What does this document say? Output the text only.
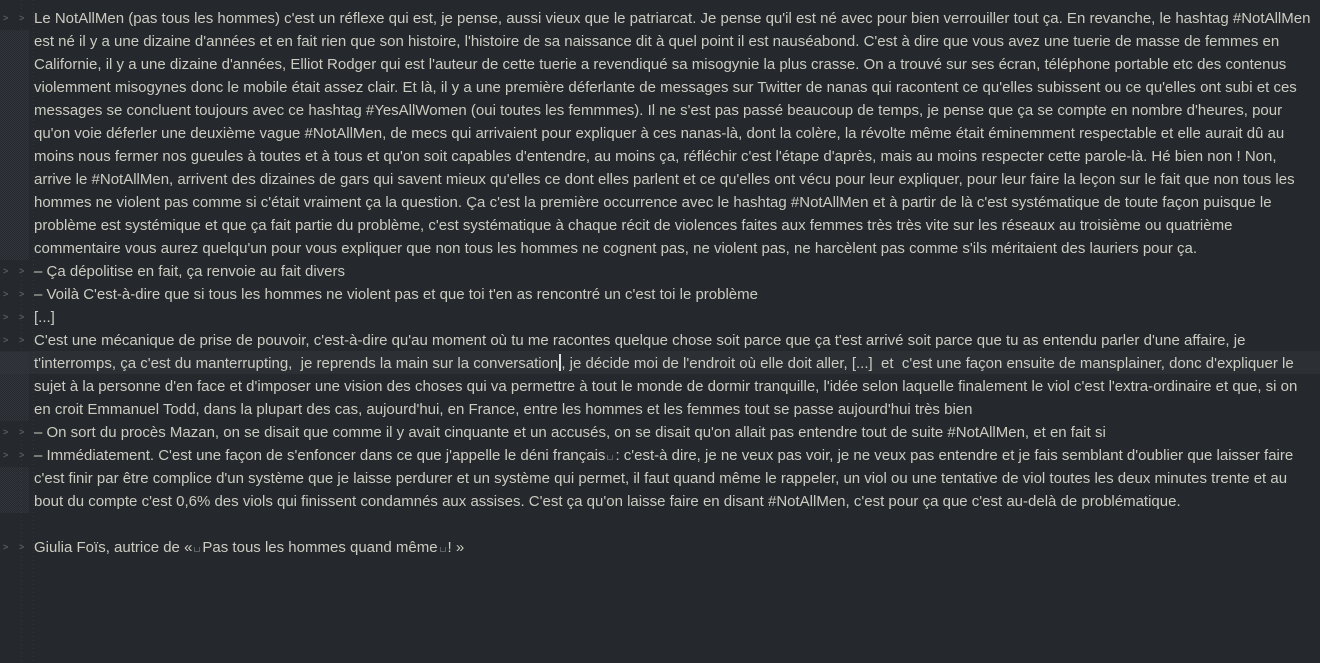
> > Le NotAllMen (pas tous les hommes) c'est un réflexe qui est, je pense, aussi vieux que le patriarcat. Je pense qu'il est né avec pour bien verrouiller tout ça. En revanche, le hashtag #NotAllMen est né il y a une dizaine d'années et en fait rien que son histoire, l'histoire de sa naissance dit à quel point il est nauséabond. C'est à dire que vous avez une tuerie de masse de femmes en Californie, il y a une dizaine d'années, Elliot Rodger qui est l'auteur de cette tuerie a revendiqué sa misogynie la plus crasse. On a trouvé sur ses écran, téléphone portable etc des contenus violemment misogynes donc le mobile était assez clair. Et là, il y a une première déferlante de messages sur Twitter de nanas qui racontent ce qu'elles subissent ou ce qu'elles ont subi et ces messages se concluent toujours avec ce hashtag #YesAllWomen (oui toutes les femmmes). Il ne s'est pas passé beaucoup de temps, je pense que ça se compte en nombre d'heures, pour qu'on voie déferler une deuxième vague #NotAllMen, de mecs qui arrivaient pour expliquer à ces nanas-là, dont la colère, la révolte même était éminemment respectable et elle aurait dû au moins nous fermer nos gueules à toutes et à tous et qu'on soit capables d'entendre, au moins ça, réfléchir c'est l'étape d'après, mais au moins respecter cette parole-là. Hé bien non ! Non, arrive le #NotAllMen, arrivent des dizaines de gars qui savent mieux qu'elles ce dont elles parlent et ce qu'elles ont vécu pour leur expliquer, pour leur faire la leçon sur le fait que non tous les hommes ne violent pas comme si c'était vraiment ça la question. Ça c'est la première occurrence avec le hashtag #NotAllMen et à partir de là c'est systématique de toute façon puisque le problème est systémique et que ça fait partie du problème, c'est systématique à chaque récit de violences faites aux femmes très très vite sur les réseaux au troisième ou quatrième commentaire vous aurez quelqu'un pour vous expliquer que non tous les hommes ne cognent pas, ne violent pas, ne harcèlent pas comme s'ils méritaient des lauriers pour ça.
> > – Ça dépolitise en fait, ça renvoie au fait divers
> > – Voilà C'est-à-dire que si tous les hommes ne violent pas et que toi t'en as rencontré un c'est toi le problème
> > [...]
> > C'est une mécanique de prise de pouvoir, c'est-à-dire qu'au moment où tu me racontes quelque chose soit parce que ça t'est arrivé soit parce que tu as entendu parler d'une affaire, je t'interromps, ça c'est du manterrupting,  je reprends la main sur la conversation , je décide moi de l'endroit où elle doit aller, [...]  et  c'est une façon ensuite de mansplainer, donc d'expliquer le sujet à la personne d'en face et d'imposer une vision des choses qui va permettre à tout le monde de dormir tranquille, l'idée selon laquelle finalement le viol c'est l'extra-ordinaire et que, si on en croit Emmanuel Todd, dans la plupart des cas, aujourd'hui, en France, entre les hommes et les femmes tout se passe aujourd'hui très bien
> > – On sort du procès Mazan, on se disait que comme il y avait cinquante et un accusés, on se disait qu'on allait pas entendre tout de suite #NotAllMen, et en fait si
> > – Immédiatement. C'est une façon de s'enfoncer dans ce que j'appelle le déni français : c'est-à dire, je ne veux pas voir, je ne veux pas entendre et je fais semblant d'oublier que laisser faire c'est finir par être complice d'un système que je laisse perdurer et un système qui permet, il faut quand même le rappeler, un viol ou une tentative de viol toutes les deux minutes trente et au bout du compte c'est 0,6% des viols qui finissent condamnés aux assises. C'est ça qu'on laisse faire en disant #NotAllMen, c'est pour ça que c'est au-delà de problématique.
> > Giulia Foïs, autrice de « Pas tous les hommes quand même ! »
